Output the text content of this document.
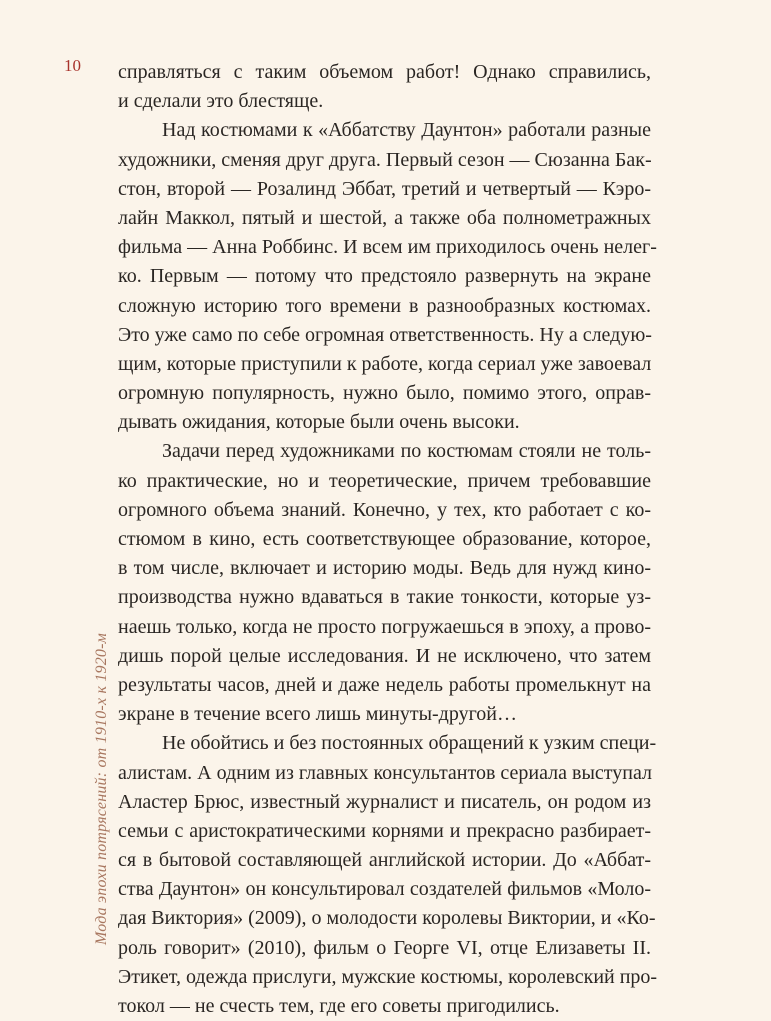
10
Мода эпохи потрясений: от 1910-х к 1920-м
справляться с таким объемом работ! Однако справились,
и сделали это блестяще.
Над костюмами к «Аббатству Даунтон» работали разные
художники, сменяя друг друга. Первый сезон — Сюзанна Бак-
стон, второй — Розалинд Эббат, третий и четвертый — Кэро-
лайн Маккол, пятый и шестой, а также оба полнометражных
фильма — Анна Роббинс. И всем им приходилось очень нелег-
ко. Первым — потому что предстояло развернуть на экране
сложную историю того времени в разнообразных костюмах.
Это уже само по себе огромная ответственность. Ну а следую-
щим, которые приступили к работе, когда сериал уже завоевал
огромную популярность, нужно было, помимо этого, оправ-
дывать ожидания, которые были очень высоки.
Задачи перед художниками по костюмам стояли не толь-
ко практические, но и теоретические, причем требовавшие
огромного объема знаний. Конечно, у тех, кто работает с ко-
стюмом в кино, есть соответствующее образование, которое,
в том числе, включает и историю моды. Ведь для нужд кино-
производства нужно вдаваться в такие тонкости, которые уз-
наешь только, когда не просто погружаешься в эпоху, а прово-
дишь порой целые исследования. И не исключено, что затем
результаты часов, дней и даже недель работы промелькнут на
экране в течение всего лишь минуты-другой…
Не обойтись и без постоянных обращений к узким специ-
алистам. А одним из главных консультантов сериала выступал
Аластер Брюс, известный журналист и писатель, он родом из
семьи с аристократическими корнями и прекрасно разбирает-
ся в бытовой составляющей английской истории. До «Аббат-
ства Даунтон» он консультировал создателей фильмов «Моло-
дая Виктория» (2009), о молодости королевы Виктории, и «Ко-
роль говорит» (2010), фильм о Георге VI, отце Елизаветы II.
Этикет, одежда прислуги, мужские костюмы, королевский про-
токол — не счесть тем, где его советы пригодились.
